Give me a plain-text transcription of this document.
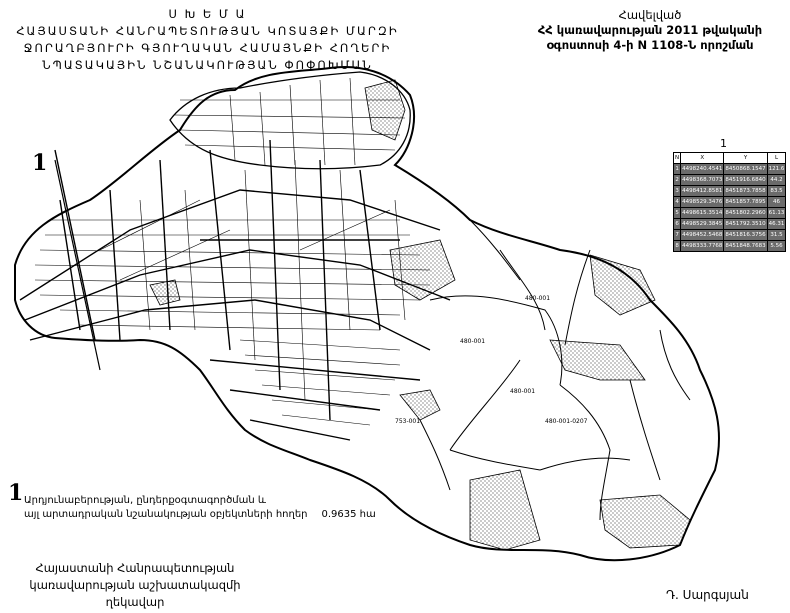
Ս Խ Ե Մ Ա
ՀԱՅԱՍՏԱՆԻ ՀԱՆՐԱՊԵՏՈՒԹՅԱՆ ԿՈՏԱՅՔԻ ՄԱՐԶԻ
ՋՈՐԱՂԲՅՈՒՐԻ ԳՅՈՒՂԱԿԱՆ ՀԱՄԱՅՆՔԻ ՀՈՂԵՐԻ
ՆՊԱՏԱԿԱՅԻՆ ՆՇԱՆԱԿՈՒԹՅԱՆ ՓՈՓՈԽՄԱՆ
Հավելված
ՀՀ կառավարության 2011 թվականի
օգոստոսի 4-ի N 1108-Ն որոշման
1
480-001-0207
480-001
480-001
753-001
480-001
1
N	X	Y	L
1	4498240.4541	8450868.1547	121.6
2	4498368.7073	8451916.6840	44.2
3	4498412.8581	8451873.7858	83.5
4	4498529.3476	8451857.7895	46
5	4498615.3514	8451802.2960	61.13
6	4498529.3845	8451792.3510	46.31
7	4498452.5468	8451816.3756	31.5
8	4498333.7768	8451848.7683	5.56
1 Արդյունաբերության, ընդերքօգտագործման և
այլ արտադրական նշանակության օբյեկտների հողեր 0.9635 հա
Հայաստանի Հանրապետության
կառավարության աշխատակազմի
ղեկավար	Դ. Սարգսյան
